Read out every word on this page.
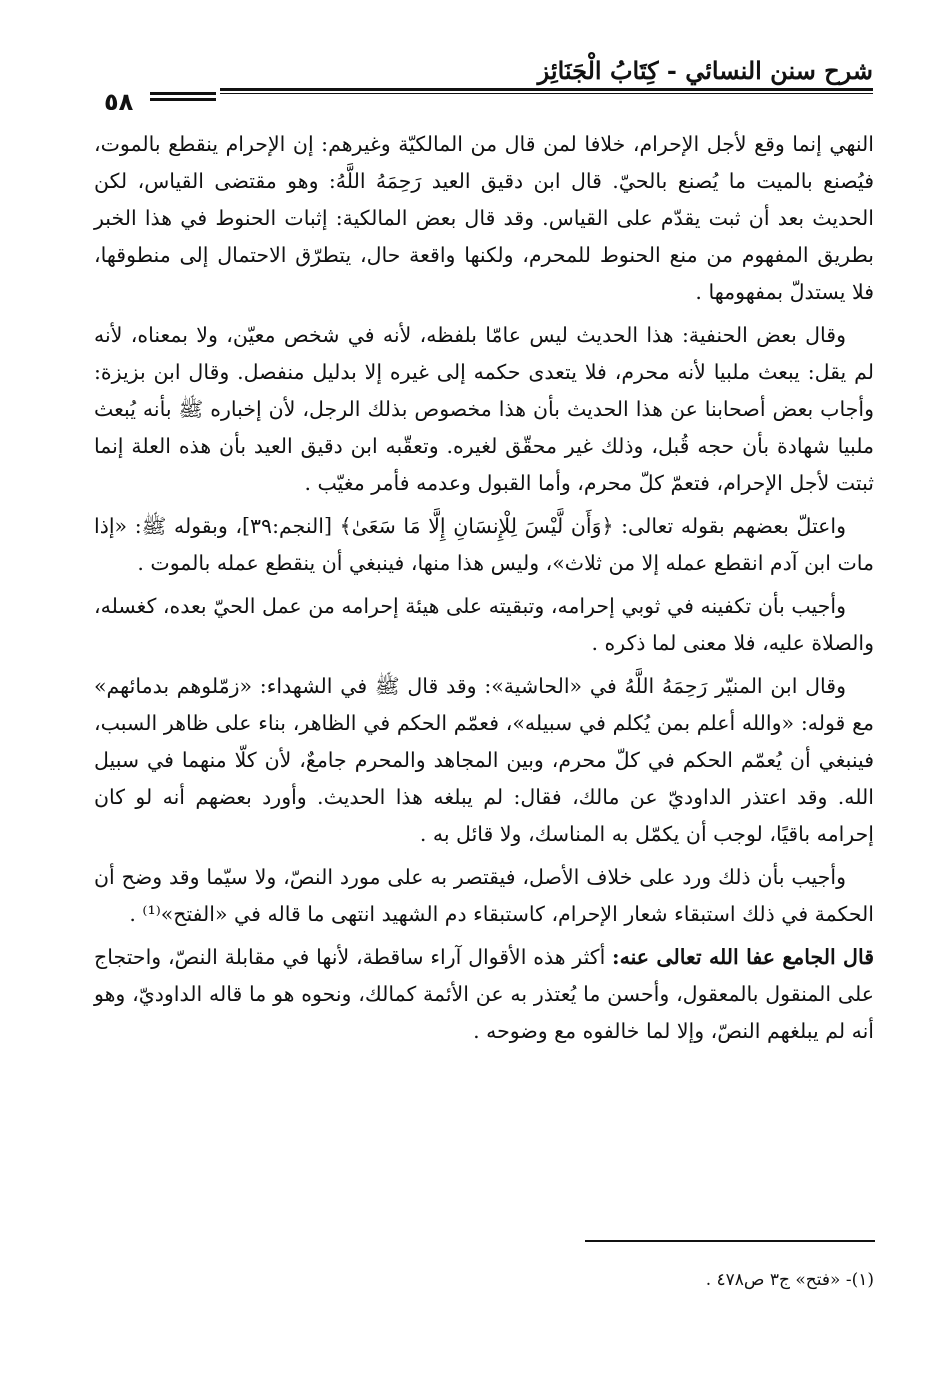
شرح سنن النسائي - كِتَابُ الْجَنَائِز
٥٨

النهي إنما وقع لأجل الإحرام، خلافا لمن قال من المالكيّة وغيرهم: إن الإحرام ينقطع بالموت، فيُصنع بالميت ما يُصنع بالحيّ. قال ابن دقيق العيد رَحِمَهُ اللَّهُ: وهو مقتضى القياس، لكن الحديث بعد أن ثبت يقدّم على القياس. وقد قال بعض المالكية: إثبات الحنوط في هذا الخبر بطريق المفهوم من منع الحنوط للمحرم، ولكنها واقعة حال، يتطرّق الاحتمال إلى منطوقها، فلا يستدلّ بمفهومها .

وقال بعض الحنفية: هذا الحديث ليس عامّا بلفظه، لأنه في شخص معيّن، ولا بمعناه، لأنه لم يقل: يبعث ملبيا لأنه محرم، فلا يتعدى حكمه إلى غيره إلا بدليل منفصل. وقال ابن بزيزة: وأجاب بعض أصحابنا عن هذا الحديث بأن هذا مخصوص بذلك الرجل، لأن إخباره ﷺ بأنه يُبعث ملبيا شهادة بأن حجه قُبل، وذلك غير محقّق لغيره. وتعقّبه ابن دقيق العيد بأن هذه العلة إنما ثبتت لأجل الإحرام، فتعمّ كلّ محرم، وأما القبول وعدمه فأمر مغيّب .

واعتلّ بعضهم بقوله تعالى: ﴿وَأَن لَّيْسَ لِلْإِنسَانِ إِلَّا مَا سَعَىٰ﴾ [النجم:٣٩]، وبقوله ﷺ: «إذا مات ابن آدم انقطع عمله إلا من ثلاث»، وليس هذا منها، فينبغي أن ينقطع عمله بالموت .

وأجيب بأن تكفينه في ثوبي إحرامه، وتبقيته على هيئة إحرامه من عمل الحيّ بعده، كغسله، والصلاة عليه، فلا معنى لما ذكره .

وقال ابن المنيّر رَحِمَهُ اللَّهُ في «الحاشية»: وقد قال ﷺ في الشهداء: «زمّلوهم بدمائهم» مع قوله: «والله أعلم بمن يُكلم في سبيله»، فعمّم الحكم في الظاهر، بناء على ظاهر السبب، فينبغي أن يُعمّم الحكم في كلّ محرم، وبين المجاهد والمحرم جامعٌ، لأن كلّا منهما في سبيل الله. وقد اعتذر الداوديّ عن مالك، فقال: لم يبلغه هذا الحديث. وأورد بعضهم أنه لو كان إحرامه باقيًا، لوجب أن يكمّل به المناسك، ولا قائل به .

وأجيب بأن ذلك ورد على خلاف الأصل، فيقتصر به على مورد النصّ، ولا سيّما وقد وضح أن الحكمة في ذلك استبقاء شعار الإحرام، كاستبقاء دم الشهيد انتهى ما قاله في «الفتح»⁽¹⁾ .

قال الجامع عفا الله تعالى عنه: أكثر هذه الأقوال آراء ساقطة، لأنها في مقابلة النصّ، واحتجاج على المنقول بالمعقول، وأحسن ما يُعتذر به عن الأئمة كمالك، ونحوه هو ما قاله الداوديّ، وهو أنه لم يبلغهم النصّ، وإلا لما خالفوه مع وضوحه .

(١)- «فتح» ج٣ ص٤٧٨ .
